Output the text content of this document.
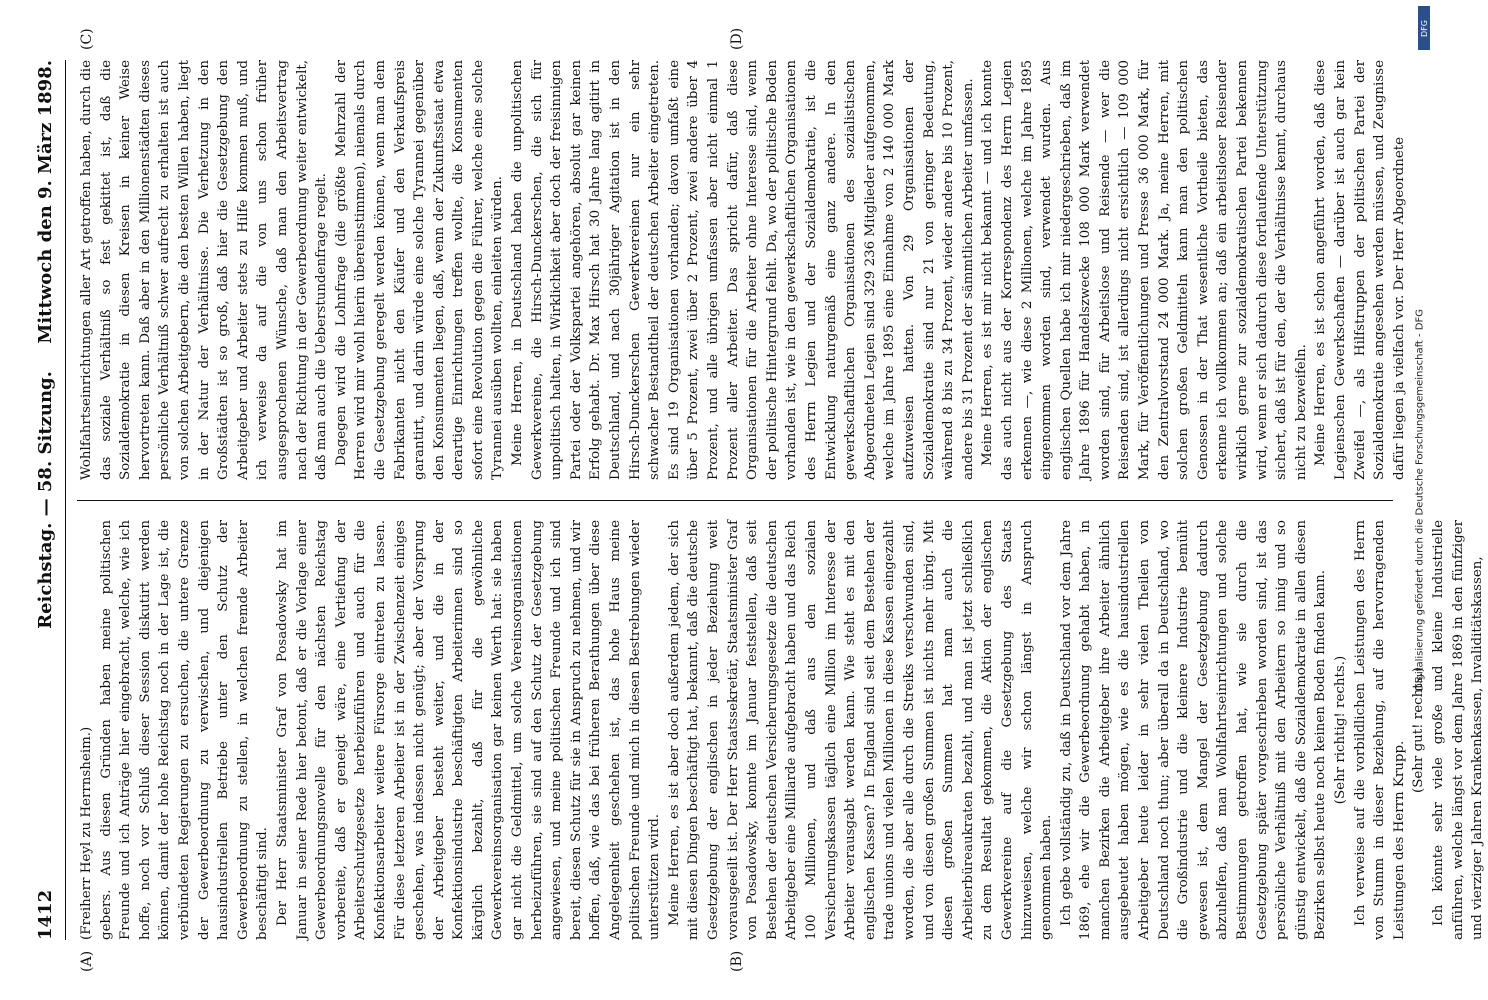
1412
Reichstag. — 58. Sitzung.
Mittwoch den 9. März 1898.
(A)	(B)
(C)	(D)

(Freiherr Heyl zu Herrnsheim.) gebers. Aus diesen Gründen haben meine politischen Freunde und ich Anträge hier eingebracht, welche, wie ich hoffe, noch vor Schluß dieser Session diskutirt werden können, damit der hohe Reichstag noch in der Lage ist, die verbündeten Regierungen zu ersuchen, die untere Grenze der Gewerbeordnung zu verwischen, und diejenigen hausindustriellen Betriebe unter den Schutz der Gewerbeordnung zu stellen, in welchen fremde Arbeiter beschäftigt sind. Der Herr Staatsminister Graf von Posadowsky hat im Januar in seiner Rede hier betont, daß er die Vorlage einer Gewerbeordnungsnovelle für den nächsten Reichstag vorbereite, daß er geneigt wäre, eine Vertiefung der Arbeiterschutzgesetze herbeizuführen und auch für die Konfektionsarbeiter weitere Fürsorge eintreten zu lassen. Für diese letzteren Arbeiter ist in der Zwischenzeit einiges geschehen, was indessen nicht genügt; aber der Vorsprung der Arbeitgeber besteht weiter, und die in der Konfektionsindustrie beschäftigten Arbeiterinnen sind so kärglich bezahlt, daß für die gewöhnliche Gewerkvereinsorganisation gar keinen Werth hat: sie haben gar nicht die Geldmittel, um solche Vereinsorganisationen herbeizuführen, sie sind auf den Schutz der Gesetzgebung angewiesen, und meine politischen Freunde und ich sind bereit, diesen Schutz für sie in Anspruch zu nehmen, und wir hoffen, daß, wie das bei früheren Berathungen über diese Angelegenheit geschehen ist, das hohe Haus meine politischen Freunde und mich in diesen Bestrebungen wieder unterstützen wird. Meine Herren, es ist aber doch außerdem jedem, der sich mit diesen Dingen beschäftigt hat, bekannt, daß die deutsche Gesetzgebung der englischen in jeder Beziehung weit vorausgeeilt ist. Der Herr Staatssekretär, Staatsminister Graf von Posadowsky, konnte im Januar feststellen, daß seit Bestehen der deutschen Versicherungsgesetze die deutschen Arbeitgeber eine Milliarde aufgebracht haben und das Reich 100 Millionen, und daß aus den sozialen Versicherungskassen täglich eine Million im Interesse der Arbeiter verausgabt werden kann. Wie steht es mit den englischen Kassen? In England sind seit dem Bestehen der trade unions und vielen Millionen in diese Kassen eingezahlt worden, die aber alle durch die Streiks verschwunden sind, und von diesen großen Summen ist nichts mehr übrig. Mit diesen großen Summen hat man auch die Arbeiterbüreaukraten bezahlt, und man ist jetzt schließlich zu dem Resultat gekommen, die Aktion der englischen Gewerkvereine auf die Gesetzgebung des Staats hinzuweisen, welche wir schon längst in Anspruch genommen haben. Ich gebe vollständig zu, daß in Deutschland vor dem Jahre 1869, ehe wir die Gewerbeordnung gehabt haben, in manchen Bezirken die Arbeitgeber ihre Arbeiter ähnlich ausgebeutet haben mögen, wie es die hausindustriellen Arbeitgeber heute leider in sehr vielen Theilen von Deutschland noch thun; aber überall da in Deutschland, wo die Großindustrie und die kleinere Industrie bemüht gewesen ist, dem Mangel der Gesetzgebung dadurch abzuhelfen, daß man Wohlfahrtseinrichtungen und solche Bestimmungen getroffen hat, wie sie durch die Gesetzgebung später vorgeschrieben worden sind, ist das persönliche Verhältniß mit den Arbeitern so innig und so günstig entwickelt, daß die Sozialdemokratie in allen diesen Bezirken selbst heute noch keinen Boden finden kann. (Sehr richtig! rechts.) Ich verweise auf die vorbildlichen Leistungen des Herrn von Stumm in dieser Beziehung, auf die hervorragenden Leistungen des Herrn Krupp.

(Sehr gut! rechts.) Ich könnte sehr viele große und kleine Industrielle anführen, welche längst vor dem Jahre 1869 in den fünfziger und vierziger Jahren Krankenkassen, Invaliditätskassen,

Wohlfahrtseinrichtungen aller Art getroffen haben, durch die das soziale Verhältniß so fest gekittet ist, daß die Sozialdemokratie in diesen Kreisen in keiner Weise hervortreten kann. Daß aber in den Millionenstädten dieses persönliche Verhältniß schwer aufrecht zu erhalten ist auch von solchen Arbeitgebern, die den besten Willen haben, liegt in der Natur der Verhältnisse. Die Verhetzung in den Großstädten ist so groß, daß hier die Gesetzgebung den Arbeitgeber und Arbeiter stets zu Hilfe kommen muß, und ich verweise da auf die von uns schon früher ausgesprochenen Wünsche, daß man den Arbeitsvertrag nach der Richtung in der Gewerbeordnung weiter entwickelt, daß man auch die Ueberstundenfrage regelt. Dagegen wird die Lohnfrage (die größte Mehrzahl der Herren wird mir wohl hierin übereinstimmen), niemals durch die Gesetzgebung geregelt werden können, wenn man dem Fabrikanten nicht den Käufer und den Verkaufspreis garantirt, und darin würde eine solche Tyrannei gegenüber den Konsumenten liegen, daß, wenn der Zukunftsstaat etwa derartige Einrichtungen treffen wollte, die Konsumenten sofort eine Revolution gegen die Führer, welche eine solche Tyrannei ausüben wollten, einleiten würden. Meine Herren, in Deutschland haben die unpolitischen Gewerkvereine, die Hirsch-Dunckerschen, die sich für unpolitisch halten, in Wirklichkeit aber doch der freisinnigen Partei oder der Volkspartei angehören, absolut gar keinen Erfolg gehabt. Dr. Max Hirsch hat 30 Jahre lang agitirt in Deutschland, und nach 30jähriger Agitation ist in den Hirsch-Dunckerschen Gewerkvereinen nur ein sehr schwacher Bestandtheil der deutschen Arbeiter eingetreten. Es sind 19 Organisationen vorhanden; davon umfaßt eine über 5 Prozent, zwei über 2 Prozent, zwei andere über 4 Prozent, und alle übrigen umfassen aber nicht einmal 1 Prozent aller Arbeiter. Das spricht dafür, daß diese Organisationen für die Arbeiter ohne Interesse sind, wenn der politische Hintergrund fehlt. Da, wo der politische Boden vorhanden ist, wie in den gewerkschaftlichen Organisationen des Herrn Legien und der Sozialdemokratie, ist die Entwicklung naturgemäß eine ganz andere. In den gewerkschaftlichen Organisationen des sozialistischen Abgeordneten Legien sind 329 236 Mitglieder aufgenommen, welche im Jahre 1895 eine Einnahme von 2 140 000 Mark aufzuweisen hatten. Von 29 Organisationen der Sozialdemokratie sind nur 21 von geringer Bedeutung, während 8 bis zu 34 Prozent, wieder andere bis 10 Prozent, andere bis 31 Prozent der sämmtlichen Arbeiter umfassen. Meine Herren, es ist mir nicht bekannt — und ich konnte das auch nicht aus der Korrespondenz des Herrn Legien erkennen —, wie diese 2 Millionen, welche im Jahre 1895 eingenommen worden sind, verwendet wurden. Aus englischen Quellen habe ich mir niedergeschrieben, daß im Jahre 1896 für Handelszwecke 108 000 Mark verwendet worden sind, für Arbeitslose und Reisende — wer die Reisenden sind, ist allerdings nicht ersichtlich — 109 000 Mark, für Veröffentlichungen und Presse 36 000 Mark, für den Zentralvorstand 24 000 Mark. Ja, meine Herren, mit solchen großen Geldmitteln kann man den politischen Genossen in der That wesentliche Vortheile bieten, das erkenne ich vollkommen an; daß ein arbeitsloser Reisender wirklich gerne zur sozialdemokratischen Partei bekennen wird, wenn er sich dadurch diese fortlaufende Unterstützung sichert, daß ist für den, der die Verhältnisse kennt, durchaus nicht zu bezweifeln. Meine Herren, es ist schon angeführt worden, daß diese Legienschen Gewerkschaften — darüber ist auch gar kein Zweifel —, als Hilfstruppen der politischen Partei der Sozialdemokratie angesehen werden müssen, und Zeugnisse dafür liegen ja vielfach vor. Der Herr Abgeordnete

DFG
Digitalisierung gefördert durch die Deutsche Forschungsgemeinschaft - DFG
